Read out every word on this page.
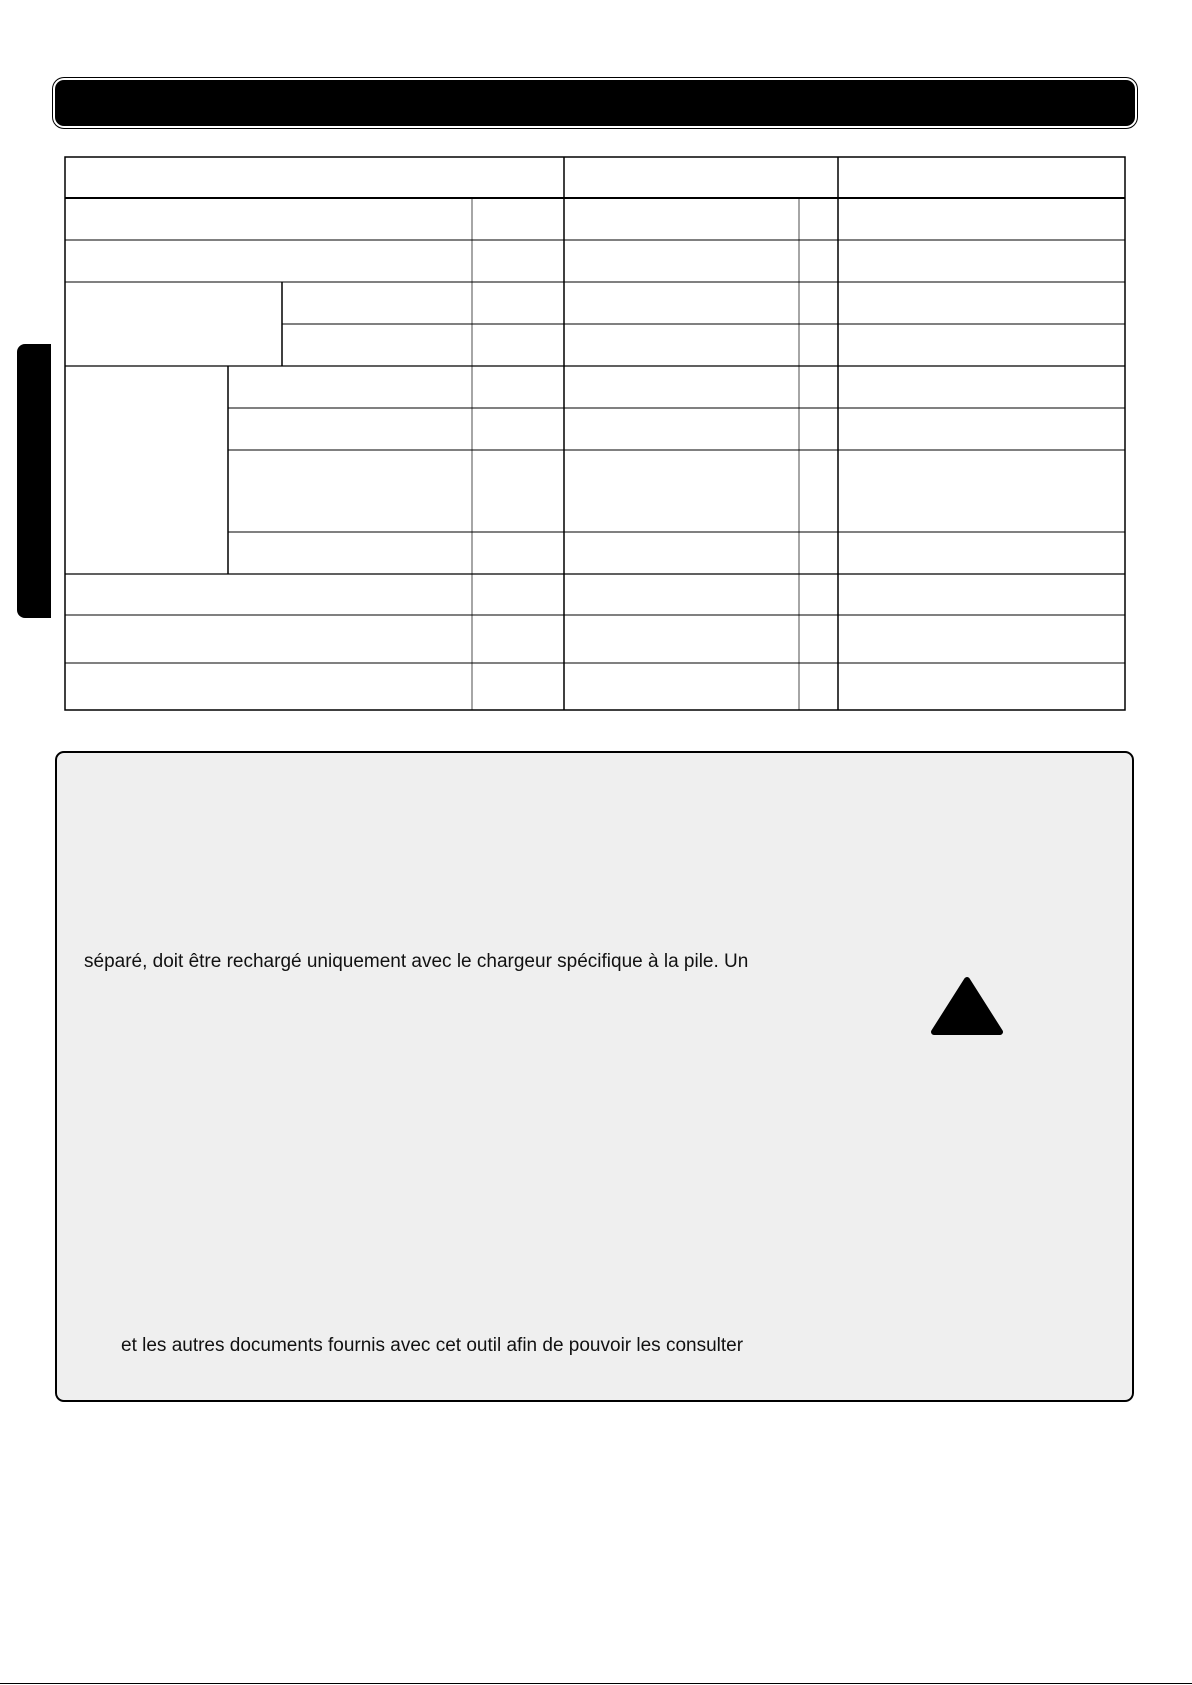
séparé, doit être rechargé uniquement avec le chargeur spécifique à la pile. Un
et les autres documents fournis avec cet outil afin de pouvoir les consulter
